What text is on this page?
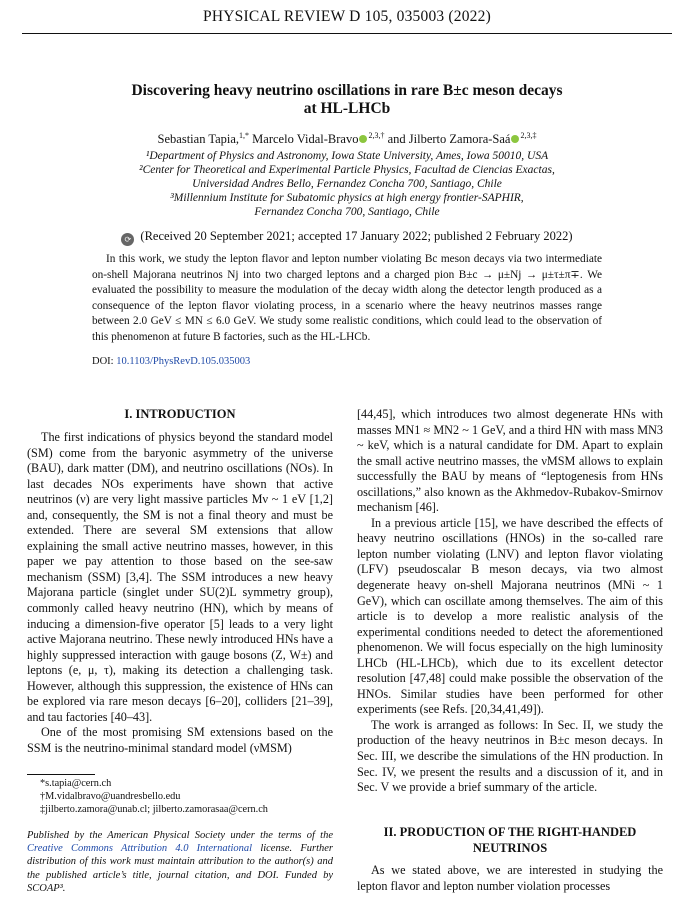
PHYSICAL REVIEW D 105, 035003 (2022)
Discovering heavy neutrino oscillations in rare B±c meson decays
at HL-LHCb
Sebastian Tapia,$^{1,*}$ Marcelo Vidal-Bravo $^{2,3,\dagger}$ and Jilberto Zamora-Saá $^{2,3,\ddagger}$
¹Department of Physics and Astronomy, Iowa State University, Ames, Iowa 50010, USA
²Center for Theoretical and Experimental Particle Physics, Facultad de Ciencias Exactas,
Universidad Andres Bello, Fernandez Concha 700, Santiago, Chile
³Millennium Institute for Subatomic physics at high energy frontier-SAPHIR,
Fernandez Concha 700, Santiago, Chile
⟳ (Received 20 September 2021; accepted 17 January 2022; published 2 February 2022)
In this work, we study the lepton flavor and lepton number violating Bc meson decays via two intermediate on-shell Majorana neutrinos Nj into two charged leptons and a charged pion B±c → μ±Nj → μ±τ±π∓. We evaluated the possibility to measure the modulation of the decay width along the detector length produced as a consequence of the lepton flavor violating process, in a scenario where the heavy neutrinos masses range between 2.0 GeV ≤ MN ≤ 6.0 GeV. We study some realistic conditions, which could lead to the observation of this phenomenon at future B factories, such as the HL-LHCb.
DOI: 10.1103/PhysRevD.105.035003
I. INTRODUCTION

The first indications of physics beyond the standard model (SM) come from the baryonic asymmetry of the universe (BAU), dark matter (DM), and neutrino oscillations (NOs). In last decades NOs experiments have shown that active neutrinos (ν) are very light massive particles Mν ~ 1 eV [1,2] and, consequently, the SM is not a final theory and must be extended. There are several SM extensions that allow explaining the small active neutrino masses, however, in this paper we pay attention to those based on the see-saw mechanism (SSM) [3,4]. The SSM introduces a new heavy Majorana particle (singlet under SU(2)L symmetry group), commonly called heavy neutrino (HN), which by means of inducing a dimension-five operator [5] leads to a very light active Majorana neutrino. These newly introduced HNs have a highly suppressed interaction with gauge bosons (Z, W±) and leptons (e, μ, τ), making its detection a challenging task. However, although this suppression, the existence of HNs can be explored via rare meson decays [6–20], colliders [21–39], and tau factories [40–43].

One of the most promising SM extensions based on the SSM is the neutrino-minimal standard model (νMSM)

[44,45], which introduces two almost degenerate HNs with masses MN1 ≈ MN2 ~ 1 GeV, and a third HN with mass MN3 ~ keV, which is a natural candidate for DM. Apart to explain the small active neutrino masses, the νMSM allows to explain successfully the BAU by means of “leptogenesis from HNs oscillations,” also known as the Akhmedov-Rubakov-Smirnov mechanism [46].

In a previous article [15], we have described the effects of heavy neutrino oscillations (HNOs) in the so-called rare lepton number violating (LNV) and lepton flavor violating (LFV) pseudoscalar B meson decays, via two almost degenerate heavy on-shell Majorana neutrinos (MNi ~ 1 GeV), which can oscillate among themselves. The aim of this article is to develop a more realistic analysis of the experimental conditions needed to detect the aforementioned phenomenon. We will focus especially on the high luminosity LHCb (HL-LHCb), which due to its excellent detector resolution [47,48] could make possible the observation of the HNOs. Similar studies have been performed for other experiments (see Refs. [20,34,41,49]).

The work is arranged as follows: In Sec. II, we study the production of the heavy neutrinos in B±c meson decays. In Sec. III, we describe the simulations of the HN production. In Sec. IV, we present the results and a discussion of it, and in Sec. V we provide a brief summary of the article.

II. PRODUCTION OF THE RIGHT-HANDED
NEUTRINOS

As we stated above, we are interested in studying the lepton flavor and lepton number violation processes

*s.tapia@cern.ch
†M.vidalbravo@uandresbello.edu
‡jilberto.zamora@unab.cl; jilberto.zamorasaa@cern.ch
Published by the American Physical Society under the terms of the Creative Commons Attribution 4.0 International license. Further distribution of this work must maintain attribution to the author(s) and the published article’s title, journal citation, and DOI. Funded by SCOAP³.
